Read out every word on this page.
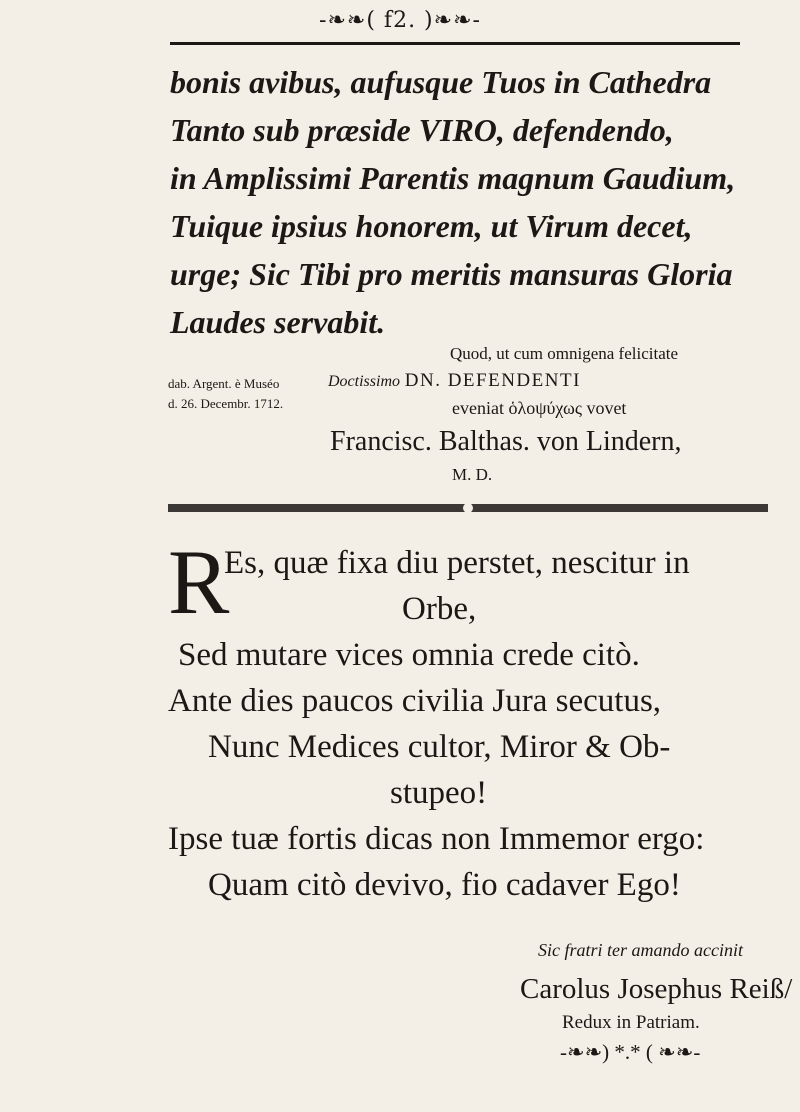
-❧❧( f2. )❧❧-
bonis avibus, aufusque Tuos in Cathedra
Tanto sub præside VIRO, defendendo,
in Amplissimi Parentis magnum Gaudium,
Tuique ipsius honorem, ut Virum decet,
urge; Sic Tibi pro meritis mansuras Gloria
Laudes servabit.
Quod, ut cum omnigena felicitate
dab. Argent. è Muséo
d. 26. Decembr. 1712.
Doctissimo DN. DEFENDENTI
eveniat ὁλοψύχως vovet
Francisc. Balthas. von Lindern,
M. D.
R
Es, quæ fixa diu perstet, nescitur in
Orbe,
Sed mutare vices omnia crede citò.
Ante dies paucos civilia Jura secutus,
Nunc Medices cultor, Miror & Ob-
stupeo!
Ipse tuæ fortis dicas non Immemor ergo:
Quam citò devivo, fio cadaver Ego!
Sic fratri ter amando accinit
Carolus Josephus Reiß/
Redux in Patriam.
-❧❧) *.* ( ❧❧-
